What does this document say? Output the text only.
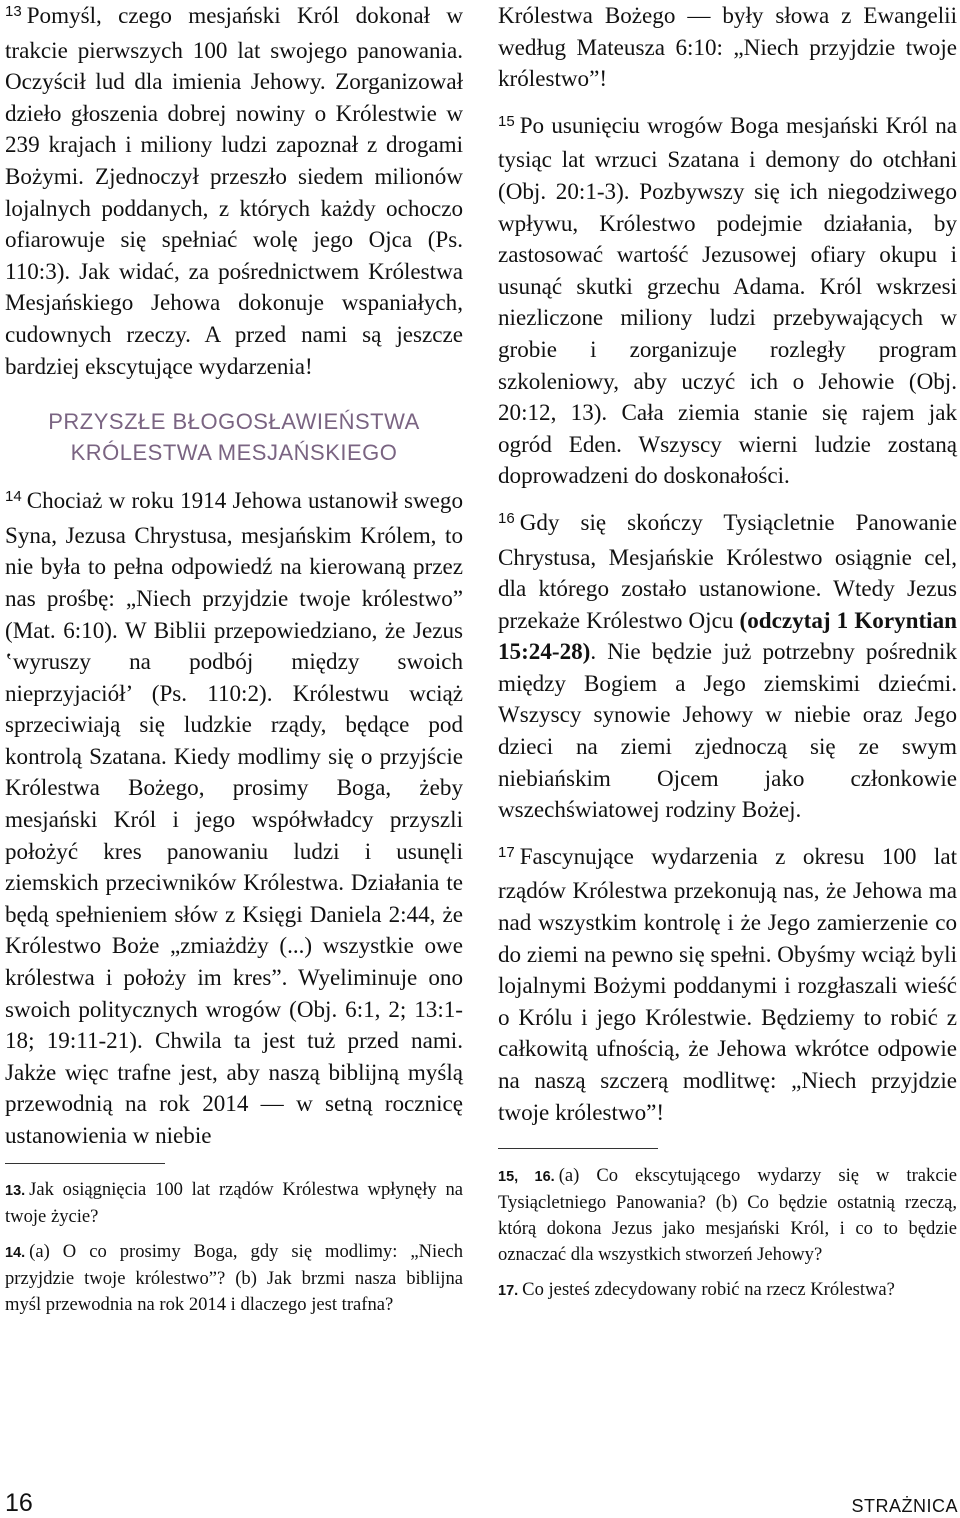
$^{13}$ Pomyśl, czego mesjański Król dokonał w trakcie pierwszych 100 lat swojego panowania. Oczyścił lud dla imienia Jehowy. Zorganizował dzieło głoszenia dobrej nowiny o Królestwie w 239 krajach i miliony ludzi zapoznał z drogami Bożymi. Zjednoczył przeszło siedem milionów lojalnych poddanych, z których każdy ochoczo ofiarowuje się spełniać wolę jego Ojca (Ps. 110:3). Jak widać, za pośrednictwem Królestwa Mesjańskiego Jehowa dokonuje wspaniałych, cudownych rzeczy. A przed nami są jeszcze bardziej ekscytujące wydarzenia!

PRZYSZŁE BŁOGOSŁAWIEŃSTWA
KRÓLESTWA MESJAŃSKIEGO

$^{14}$ Chociaż w roku 1914 Jehowa ustanowił swego Syna, Jezusa Chrystusa, mesjańskim Królem, to nie była to pełna odpowiedź na kierowaną przez nas prośbę: „Niech przyjdzie twoje królestwo” (Mat. 6:10). W Biblii przepowiedziano, że Jezus ‛wyruszy na podbój między swoich nieprzyjaciół’ (Ps. 110:2). Królestwu wciąż sprzeciwiają się ludzkie rządy, będące pod kontrolą Szatana. Kiedy modlimy się o przyjście Królestwa Bożego, prosimy Boga, żeby mesjański Król i jego współwładcy przyszli położyć kres panowaniu ludzi i usunęli ziemskich przeciwników Królestwa. Działania te będą spełnieniem słów z Księgi Daniela 2:44, że Królestwo Boże „zmiażdży (...) wszystkie owe królestwa i położy im kres”. Wyeliminuje ono swoich politycznych wrogów (Obj. 6:1, 2; 13:1-18; 19:11-21). Chwila ta jest tuż przed nami. Jakże więc trafne jest, aby naszą biblijną myślą przewodnią na rok 2014 — w setną rocznicę ustanowienia w niebie

13. Jak osiągnięcia 100 lat rządów Królestwa wpłynęły na twoje życie?

14. (a) O co prosimy Boga, gdy się modlimy: „Niech przyjdzie twoje królestwo”? (b) Jak brzmi nasza biblijna myśl przewodnia na rok 2014 i dlaczego jest trafna?

Królestwa Bożego — były słowa z Ewangelii według Mateusza 6:10: „Niech przyjdzie twoje królestwo”!

$^{15}$ Po usunięciu wrogów Boga mesjański Król na tysiąc lat wrzuci Szatana i demony do otchłani (Obj. 20:1-3). Pozbywszy się ich niegodziwego wpływu, Królestwo podejmie działania, by zastosować wartość Jezusowej ofiary okupu i usunąć skutki grzechu Adama. Król wskrzesi niezliczone miliony ludzi przebywających w grobie i zorganizuje rozległy program szkoleniowy, aby uczyć ich o Jehowie (Obj. 20:12, 13). Cała ziemia stanie się rajem jak ogród Eden. Wszyscy wierni ludzie zostaną doprowadzeni do doskonałości.

$^{16}$ Gdy się skończy Tysiącletnie Panowanie Chrystusa, Mesjańskie Królestwo osiągnie cel, dla którego zostało ustanowione. Wtedy Jezus przekaże Królestwo Ojcu (odczytaj 1 Koryntian 15:24-28). Nie będzie już potrzebny pośrednik między Bogiem a Jego ziemskimi dziećmi. Wszyscy synowie Jehowy w niebie oraz Jego dzieci na ziemi zjednoczą się ze swym niebiańskim Ojcem jako członkowie wszechświatowej rodziny Bożej.

$^{17}$ Fascynujące wydarzenia z okresu 100 lat rządów Królestwa przekonują nas, że Jehowa ma nad wszystkim kontrolę i że Jego zamierzenie co do ziemi na pewno się spełni. Obyśmy wciąż byli lojalnymi Bożymi poddanymi i rozgłaszali wieść o Królu i jego Królestwie. Będziemy to robić z całkowitą ufnością, że Jehowa wkrótce odpowie na naszą szczerą modlitwę: „Niech przyjdzie twoje królestwo”!

15, 16. (a) Co ekscytującego wydarzy się w trakcie Tysiącletniego Panowania? (b) Co będzie ostatnią rzeczą, którą dokona Jezus jako mesjański Król, i co to będzie oznaczać dla wszystkich stworzeń Jehowy?

17. Co jesteś zdecydowany robić na rzecz Królestwa?

16	STRAŻNICA
